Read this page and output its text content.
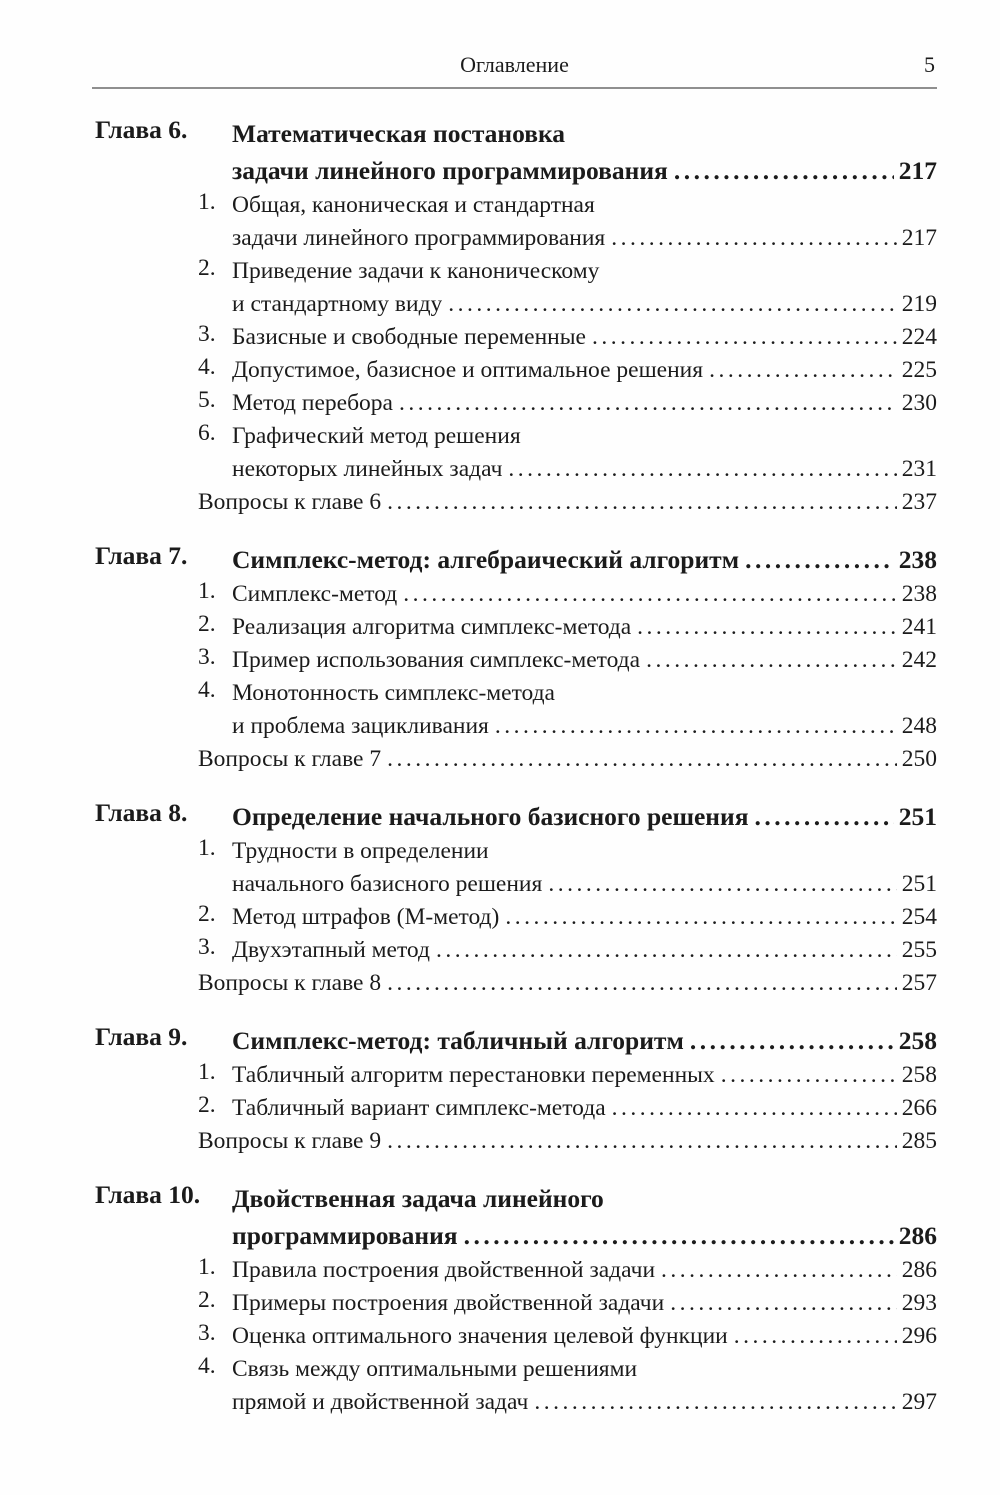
Оглавление	5
Глава 6.	Математическая постановка
задачи линейного программирования .....	217
1. Общая, каноническая и стандартная
задачи линейного программирования .....	217
2. Приведение задачи к каноническому
и стандартному виду .....	219
3. Базисные и свободные переменные .....	224
4. Допустимое, базисное и оптимальное решения .....	225
5. Метод перебора .....	230
6. Графический метод решения
некоторых линейных задач .....	231
Вопросы к главе 6 .....	237
Глава 7.	Симплекс-метод: алгебраический алгоритм .....	238
1. Симплекс-метод .....	238
2. Реализация алгоритма симплекс-метода .....	241
3. Пример использования симплекс-метода .....	242
4. Монотонность симплекс-метода
и проблема зацикливания .....	248
Вопросы к главе 7 .....	250
Глава 8.	Определение начального базисного решения .....	251
1. Трудности в определении
начального базисного решения .....	251
2. Метод штрафов (М-метод) .....	254
3. Двухэтапный метод .....	255
Вопросы к главе 8 .....	257
Глава 9.	Симплекс-метод: табличный алгоритм .....	258
1. Табличный алгоритм перестановки переменных .....	258
2. Табличный вариант симплекс-метода .....	266
Вопросы к главе 9 .....	285
Глава 10.	Двойственная задача линейного
программирования .....	286
1. Правила построения двойственной задачи .....	286
2. Примеры построения двойственной задачи .....	293
3. Оценка оптимального значения целевой функции .....	296
4. Связь между оптимальными решениями
прямой и двойственной задач .....	297
